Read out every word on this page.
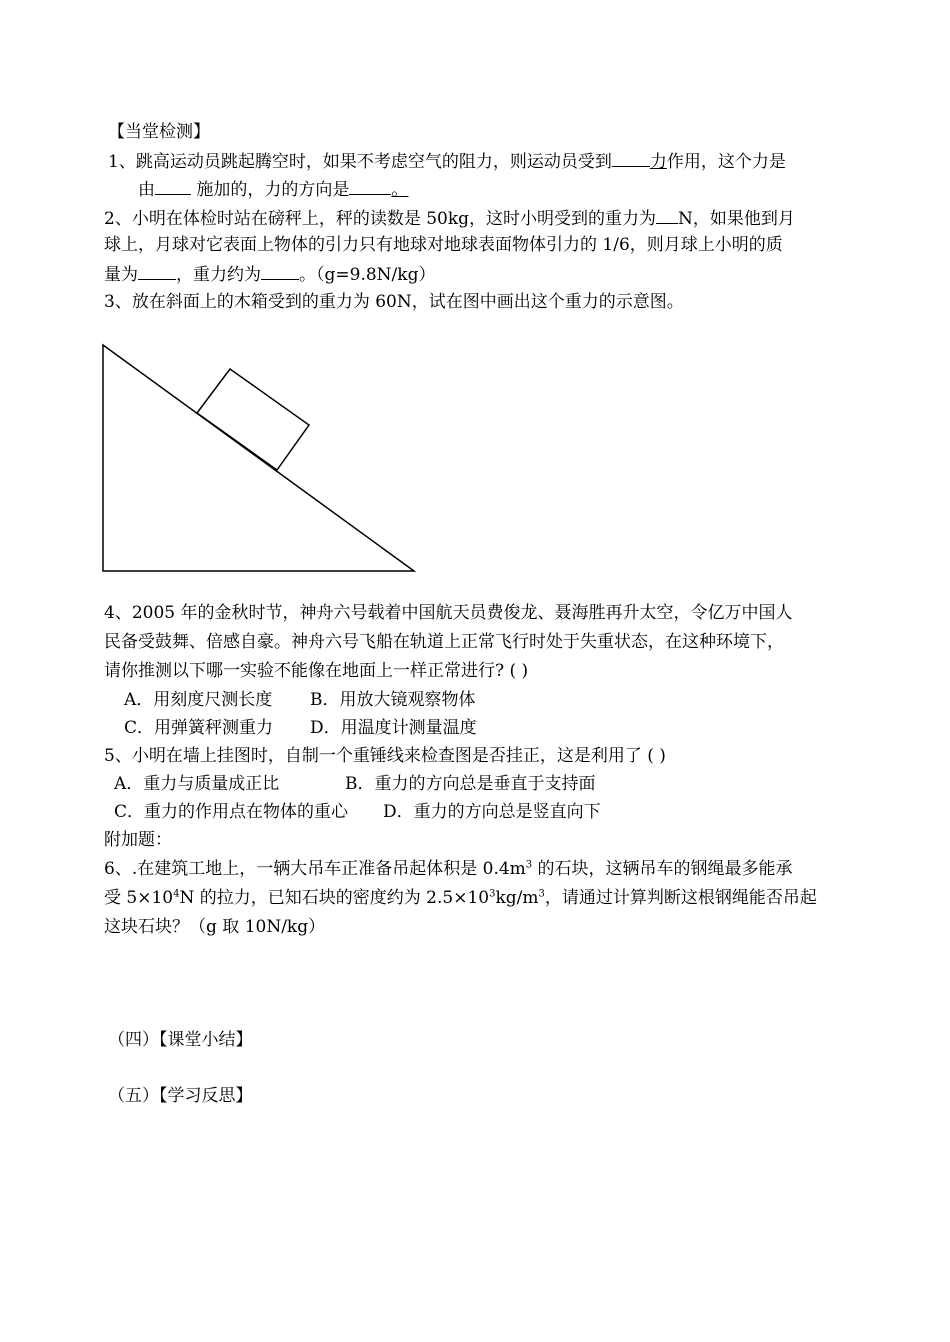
【当堂检测】
1、跳高运动员跳起腾空时，如果不考虑空气的阻力，则运动员受到 力作用，这个力是
由 施加的，力的方向是 。
2、小明在体检时站在磅秤上，秤的读数是 50kg，这时小明受到的重力为 N，如果他到月
球上，月球对它表面上物体的引力只有地球对地球表面物体引力的 1/6，则月球上小明的质
量为 ，重力约为 。（g=9.8N/kg）
3、放在斜面上的木箱受到的重力为 60N，试在图中画出这个重力的示意图。
4、2005 年的金秋时节，神舟六号载着中国航天员费俊龙、聂海胜再升太空，令亿万中国人
民备受鼓舞、倍感自豪。神舟六号飞船在轨道上正常飞行时处于失重状态，在这种环境下，
请你推测以下哪一实验不能像在地面上一样正常进行? ( )
A．用刻度尺测长度 B．用放大镜观察物体
C．用弹簧秤测重力 D．用温度计测量温度
5、小明在墙上挂图时，自制一个重锤线来检查图是否挂正，这是利用了 ( )
A．重力与质量成正比	B．重力的方向总是垂直于支持面
C．重力的作用点在物体的重心 D．重力的方向总是竖直向下
附加题：
6、.在建筑工地上，一辆大吊车正准备吊起体积是 $0.4m^3$ 的石块，这辆吊车的钢绳最多能承
受 $5\times 10^4N$ 的拉力，已知石块的密度约为 $2.5\times 10^3kg/m^3$，请通过计算判断这根钢绳能否吊起
这块石块？（g 取 10N/kg）
（四）【课堂小结】
（五）【学习反思】
